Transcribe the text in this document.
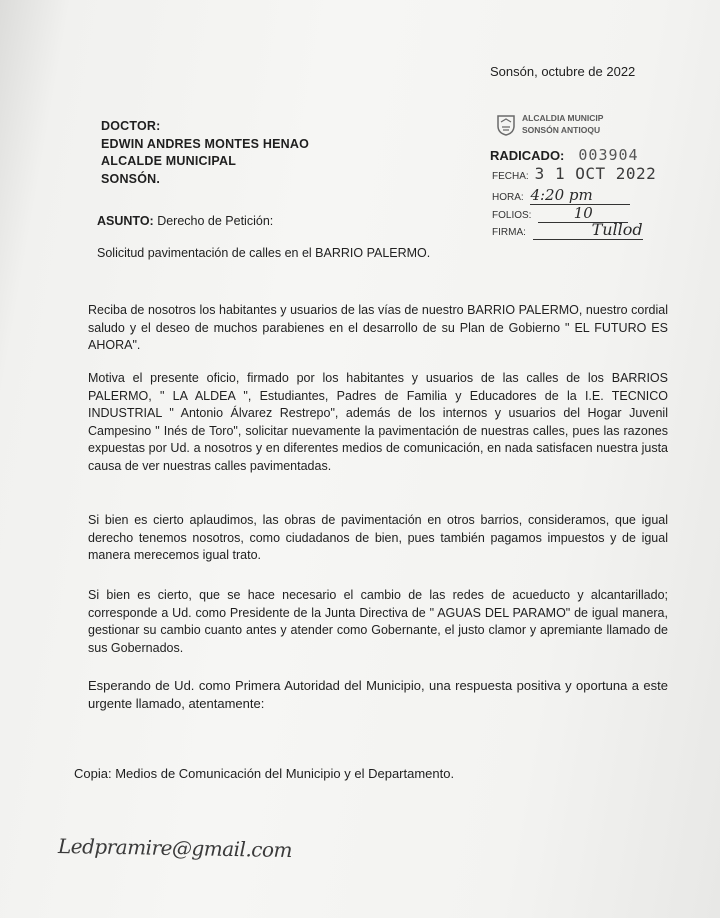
Sonsón, octubre de 2022
DOCTOR:
EDWIN ANDRES MONTES HENAO
ALCALDE MUNICIPAL
SONSÓN.
ALCALDIA MUNICIP
SONSÓN ANTIOQU
RADICADO: 003904
FECHA: 3 1 OCT 2022
HORA: 4:20 pm
FOLIOS:	10
FIRMA:	Tullod
ASUNTO: Derecho de Petición:
Solicitud pavimentación de calles en el BARRIO PALERMO.
Reciba de nosotros los habitantes y usuarios de las vías de nuestro BARRIO PALERMO, nuestro cordial saludo y el deseo de muchos parabienes en el desarrollo de su Plan de Gobierno " EL FUTURO ES AHORA".
Motiva el presente oficio, firmado por los habitantes y usuarios de las calles de los BARRIOS PALERMO, " LA ALDEA ", Estudiantes, Padres de Familia y Educadores de la I.E. TECNICO INDUSTRIAL " Antonio Álvarez Restrepo", además de los internos y usuarios del Hogar Juvenil Campesino " Inés de Toro", solicitar nuevamente la pavimentación de nuestras calles, pues las razones expuestas por Ud. a nosotros y en diferentes medios de comunicación, en nada satisfacen nuestra justa causa de ver nuestras calles pavimentadas.
Si bien es cierto aplaudimos, las obras de pavimentación en otros barrios, consideramos, que igual derecho tenemos nosotros, como ciudadanos de bien, pues también pagamos impuestos y de igual manera merecemos igual trato.
Si bien es cierto, que se hace necesario el cambio de las redes de acueducto y alcantarillado; corresponde a Ud. como Presidente de la Junta Directiva de " AGUAS DEL PARAMO" de igual manera, gestionar su cambio cuanto antes y atender como Gobernante, el justo clamor y apremiante llamado de sus Gobernados.
Esperando de Ud. como Primera Autoridad del Municipio, una respuesta positiva y oportuna a este urgente llamado, atentamente:
Copia: Medios de Comunicación del Municipio y el Departamento.
Ledpramire@gmail.com
